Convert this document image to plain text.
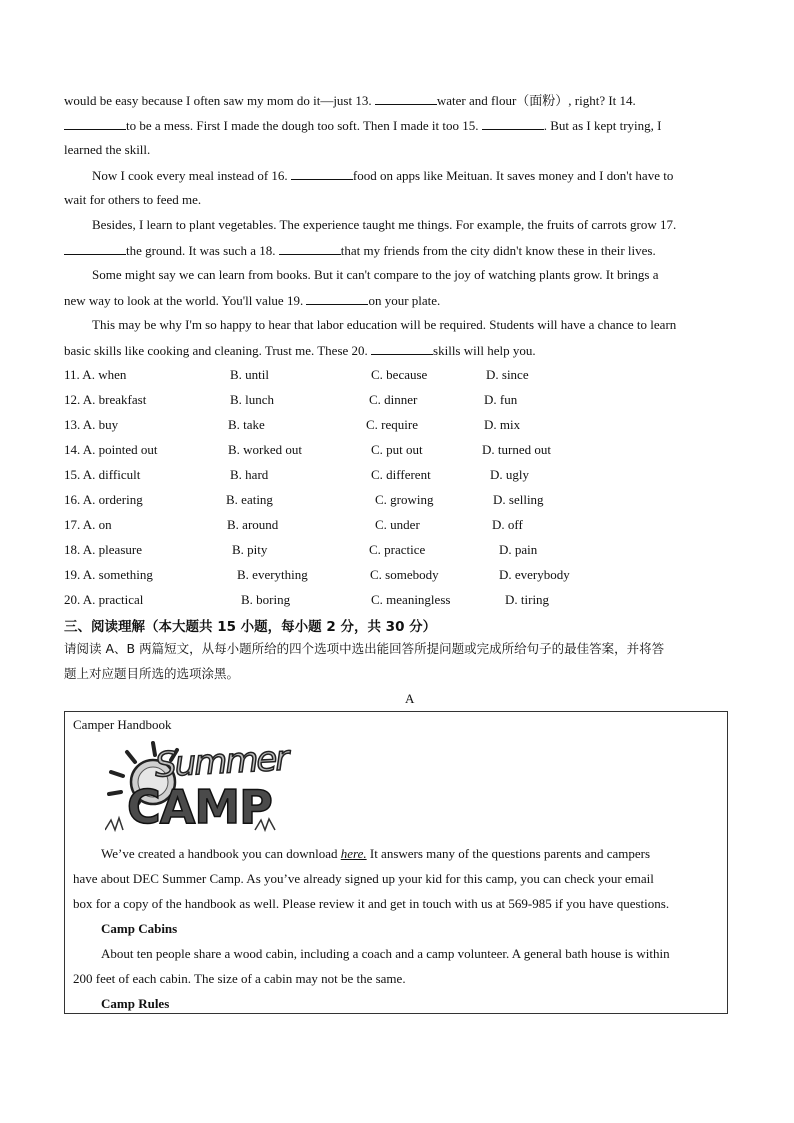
would be easy because I often saw my mom do it—just 13.	water and flour（面粉）, right? It 14.
to be a mess. First I made the dough too soft. Then I made it too 15.	. But as I kept trying, I
learned the skill.
Now I cook every meal instead of 16.	food on apps like Meituan. It saves money and I don't have to
wait for others to feed me.
Besides, I learn to plant vegetables. The experience taught me things. For example, the fruits of carrots grow 17.
the ground. It was such a 18.	that my friends from the city didn't know these in their lives.
Some might say we can learn from books. But it can't compare to the joy of watching plants grow. It brings a
new way to look at the world. You'll value 19.	on your plate.
This may be why I'm so happy to hear that labor education will be required. Students will have a chance to learn
basic skills like cooking and cleaning. Trust me. These 20.	skills will help you.
11. A. when	B. until	C. because	D. since
12. A. breakfast	B. lunch	C. dinner	D. fun
13. A. buy	B. take	C. require	D. mix
14. A. pointed out	B. worked out	C. put out	D. turned out
15. A. difficult	B. hard	C. different	D. ugly
16. A. ordering	B. eating	C. growing	D. selling
17. A. on	B. around	C. under	D. off
18. A. pleasure	B. pity	C. practice	D. pain
19. A. something	B. everything	C. somebody	D. everybody
20. A. practical	B. boring	C. meaningless	D. tiring
三、阅读理解（本大题共 15 小题，每小题 2 分，共 30 分）
请阅读 A、B 两篇短文，从每小题所给的四个选项中选出能回答所提问题或完成所给句子的最佳答案，并将答
题上对应题目所选的选项涂黑。
A
Camper Handbook
Summer
CAMP
We’ve created a handbook you can download here. It answers many of the questions parents and campers
have about DEC Summer Camp. As you’ve already signed up your kid for this camp, you can check your email
box for a copy of the handbook as well. Please review it and get in touch with us at 569-985 if you have questions.
Camp Cabins
About ten people share a wood cabin, including a coach and a camp volunteer. A general bath house is within
200 feet of each cabin. The size of a cabin may not be the same.
Camp Rules
